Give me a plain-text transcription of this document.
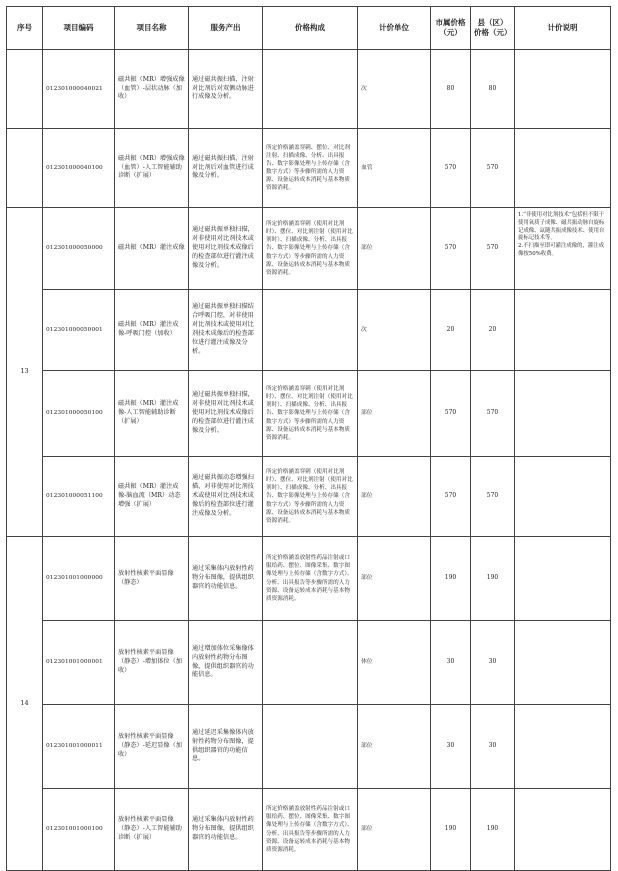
序号	项目编码	项目名称	服务产出	价格构成	计价单位	市属价格（元）	县（区）价格（元）	计价说明
	012301000040021	磁共振（MR）增强成像（血管）-层状动脉（加收）	通过磁共振扫描，注射对比剂后对双侧动脉进行成像及分析。		次	80	80	
	012301000040100	磁共振（MR）增强成像（血管）-人工智能辅助诊断（扩展）	通过磁共振扫描，注射对比剂后对血管进行成像及分析。	所定价格涵盖穿刺、摆位、对比剂注射、扫描成像、分析、出具报告、数字影像处理与上传存储（含数字方式）等步骤所需的人力资源、设备运转成本消耗与基本物质资源消耗。	血管	570	570	
13	012301000050000	磁共振（MR）灌注成像	通过磁共振单独扫描，对非使用对比剂技术或使用对比剂技术成像后的检查部位进行灌注成像及分析。	所定价格涵盖穿刺（使用对比剂时）、摆位、对比剂注射（使用对比剂时）、扫描成像、分析、出具报告、数字影像处理与上传存储（含数字方式）等步骤所需的人力资源、设备运转成本消耗与基本物质资源消耗。	部位	570	570	1.“非使用对比剂技术”包括但不限于使用氧质子成像、磁共振动脉自旋标记成像、氙随共振成像技术、使用自旋标记技术等。
2.不扫描至即可灌注成像的，灌注成像按50%收费。
	012301000050001	磁共振（MR）灌注成像-呼吸门控（加收）	通过磁共振单独扫描结合呼吸门控，对非使用对比剂技术或使用对比剂技术成像后的检查部位进行灌注成像及分析。		次	20	20	
	012301000050100	磁共振（MR）灌注成像-人工智能辅助诊断（扩展）	通过磁共振单独扫描，对非使用对比剂技术或使用对比剂技术成像后的检查部位进行灌注成像及分析。	所定价格涵盖穿刺（使用对比剂时）、摆位、对比剂注射（使用对比剂时）、扫描成像、分析、出具报告、数字影像处理与上传存储（含数字方式）等步骤所需的人力资源、设备运转成本消耗与基本物质资源消耗。	部位	570	570	
	012301000051100	磁共振（MR）灌注成像-脑血流（MR）动态增强（扩展）	通过磁共振动态增强扫描，对非使用对比剂技术或使用对比剂技术成像后的检查部位进行灌注成像及分析。	所定价格涵盖穿刺（使用对比剂时）、摆位、对比剂注射（使用对比剂时）、扫描成像、分析、出具报告、数字影像处理与上传存储（含数字方式）等步骤所需的人力资源、设备运转成本消耗与基本物质资源消耗。	部位	570	570	
14	012301001000000	放射性核素平面显像（静态）	通过采集体内放射性药物分布图像，提供组织器官的功能信息。	所定价格涵盖放射性药品注射或口服给药、摆位、图像采集、数字图像处理与上传存储（含数字方式）、分析、出具报告等步骤所需的人力资源、设备运转成本消耗与基本物质资源消耗。	部位	190	190	
	012301001000001	放射性核素平面显像（静态）-增加体位（加收）	通过增加体位采集像体内放射性药物分布图像，提供组织器官的功能信息。		体位	30	30	
	012301001000011	放射性核素平面显像（静态）-延迟显像（加收）	通过延迟采集像体内放射性药物分布图像，提供组织器官的功能信息。		部位	30	30	
	012301001000100	放射性核素平面显像（静态）-人工智能辅助诊断（扩展）	通过采集体内放射性药物分布图像，提供组织器官的功能信息。	所定价格涵盖放射性药品注射或口服给药、摆位、图像采集、数字图像处理与上传存储（含数字方式）、分析、出具报告等步骤所需的人力资源、设备运转成本消耗与基本物质资源消耗。	部位	190	190	
